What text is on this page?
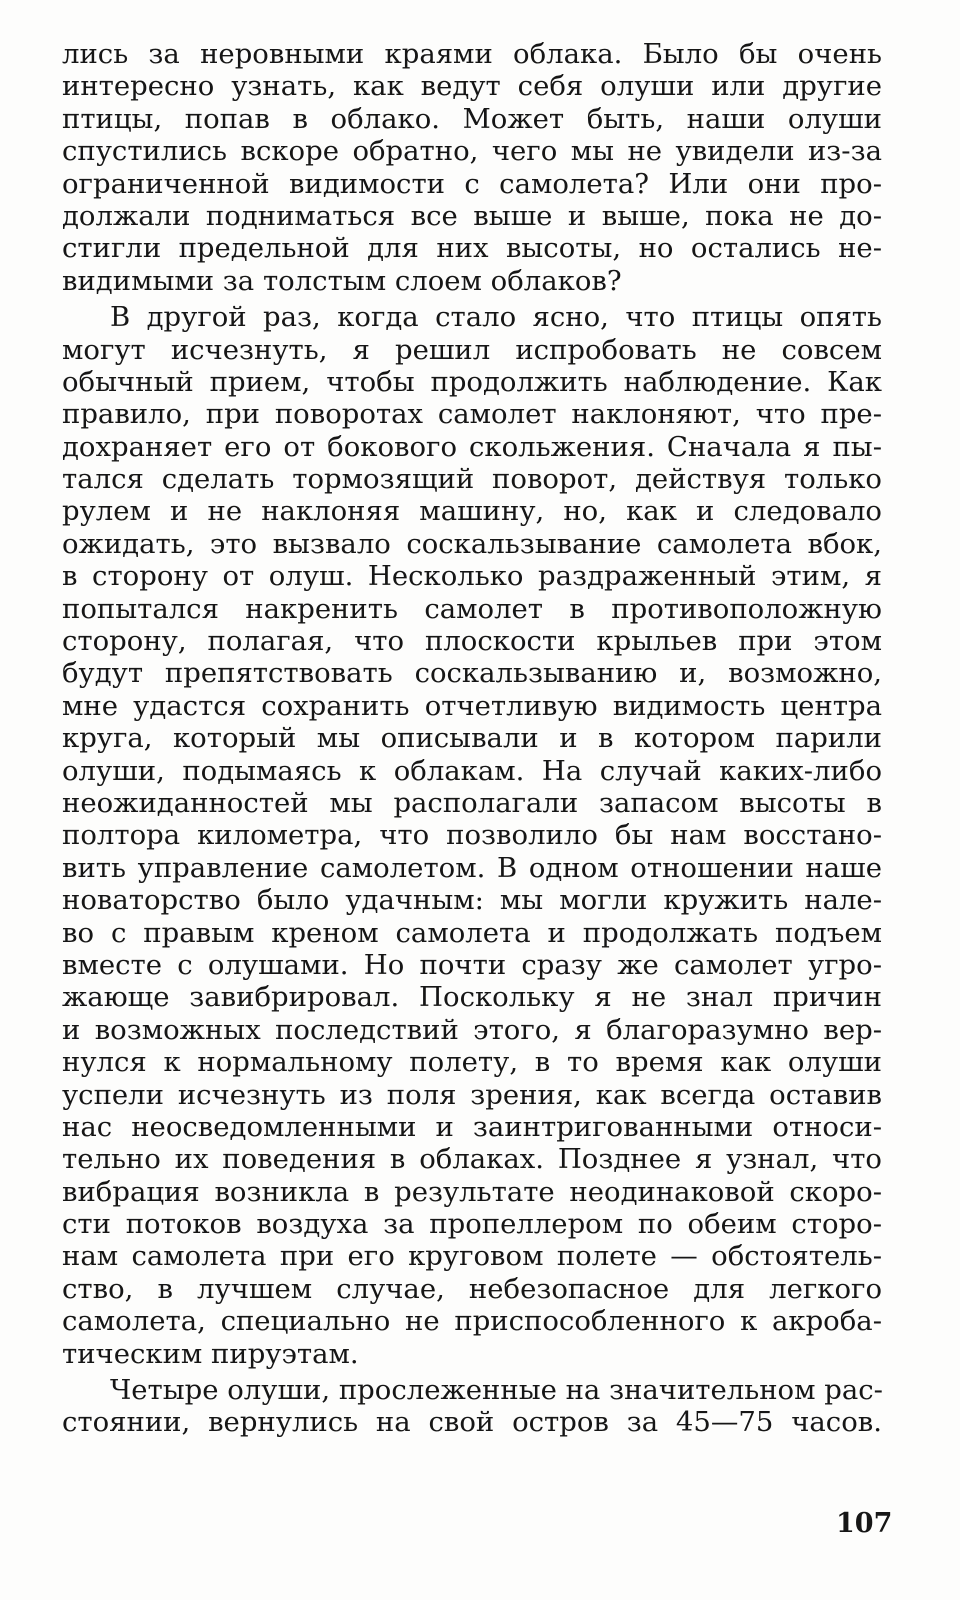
лись за неровными краями облака. Было бы очень
интересно узнать, как ведут себя олуши или другие
птицы, попав в облако. Может быть, наши олуши
спустились вскоре обратно, чего мы не увидели из-за
ограниченной видимости с самолета? Или они про-
должали подниматься все выше и выше, пока не до-
стигли предельной для них высоты, но остались не-
видимыми за толстым слоем облаков?
В другой раз, когда стало ясно, что птицы опять
могут исчезнуть, я решил испробовать не совсем
обычный прием, чтобы продолжить наблюдение. Как
правило, при поворотах самолет наклоняют, что пре-
дохраняет его от бокового скольжения. Сначала я пы-
тался сделать тормозящий поворот, действуя только
рулем и не наклоняя машину, но, как и следовало
ожидать, это вызвало соскальзывание самолета вбок,
в сторону от олуш. Несколько раздраженный этим, я
попытался накренить самолет в противоположную
сторону, полагая, что плоскости крыльев при этом
будут препятствовать соскальзыванию и, возможно,
мне удастся сохранить отчетливую видимость центра
круга, который мы описывали и в котором парили
олуши, подымаясь к облакам. На случай каких-либо
неожиданностей мы располагали запасом высоты в
полтора километра, что позволило бы нам восстано-
вить управление самолетом. В одном отношении наше
новаторство было удачным: мы могли кружить нале-
во с правым креном самолета и продолжать подъем
вместе с олушами. Но почти сразу же самолет угро-
жающе завибрировал. Поскольку я не знал причин
и возможных последствий этого, я благоразумно вер-
нулся к нормальному полету, в то время как олуши
успели исчезнуть из поля зрения, как всегда оставив
нас неосведомленными и заинтригованными относи-
тельно их поведения в облаках. Позднее я узнал, что
вибрация возникла в результате неодинаковой скоро-
сти потоков воздуха за пропеллером по обеим сторо-
нам самолета при его круговом полете — обстоятель-
ство, в лучшем случае, небезопасное для легкого
самолета, специально не приспособленного к акроба-
тическим пируэтам.
Четыре олуши, прослеженные на значительном рас-
стоянии, вернулись на свой остров за 45—75 часов.
107
